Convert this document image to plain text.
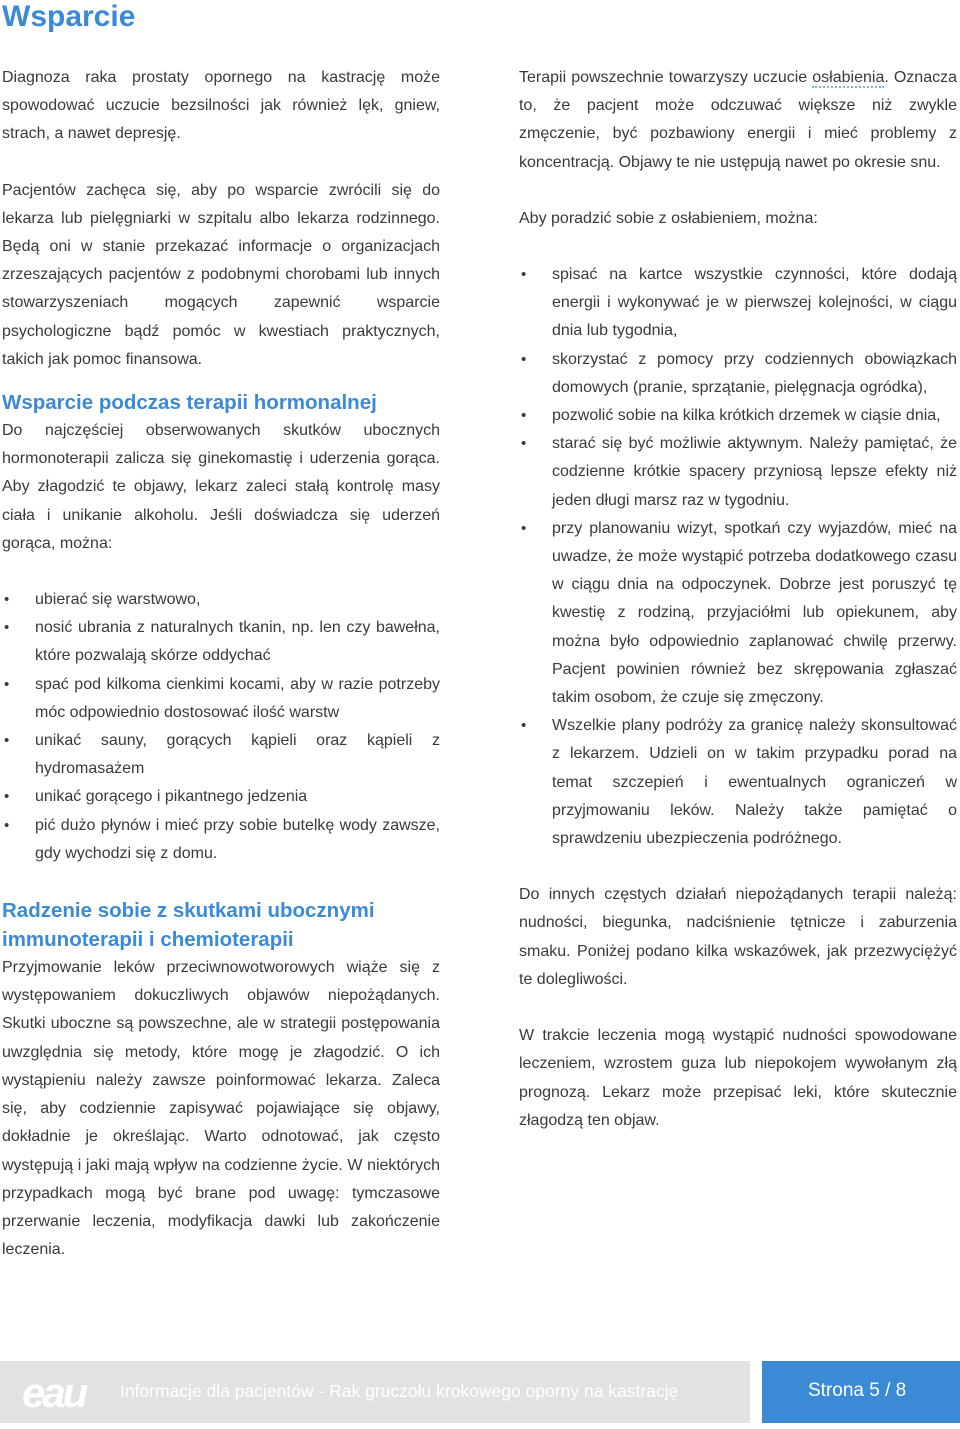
Wsparcie

Diagnoza raka prostaty opornego na kastrację może spowodować uczucie bezsilności jak również lęk, gniew, strach, a nawet depresję.

Pacjentów zachęca się, aby po wsparcie zwrócili się do lekarza lub pielęgniarki w szpitalu albo lekarza rodzinnego. Będą oni w stanie przekazać informacje o organizacjach zrzeszających pacjentów z podobnymi chorobami lub innych stowarzyszeniach mogących zapewnić wsparcie psychologiczne bądź pomóc w kwestiach praktycznych, takich jak pomoc finansowa.

Wsparcie podczas terapii hormonalnej

Do najczęściej obserwowanych skutków ubocznych hormonoterapii zalicza się ginekomastię i uderzenia gorąca. Aby złagodzić te objawy, lekarz zaleci stałą kontrolę masy ciała i unikanie alkoholu. Jeśli doświadcza się uderzeń gorąca, można:

• ubierać się warstwowo,
• nosić ubrania z naturalnych tkanin, np. len czy bawełna, które pozwalają skórze oddychać
• spać pod kilkoma cienkimi kocami, aby w razie potrzeby móc odpowiednio dostosować ilość warstw
• unikać sauny, gorących kąpieli oraz kąpieli z hydromasażem
• unikać gorącego i pikantnego jedzenia
• pić dużo płynów i mieć przy sobie butelkę wody zawsze, gdy wychodzi się z domu.
Radzenie sobie z skutkami ubocznymi
immunoterapii i chemioterapii

Przyjmowanie leków przeciwnowotworowych wiąże się z występowaniem dokuczliwych objawów niepożądanych. Skutki uboczne są powszechne, ale w strategii postępowania uwzględnia się metody, które mogę je złagodzić. O ich wystąpieniu należy zawsze poinformować lekarza. Zaleca się, aby codziennie zapisywać pojawiające się objawy, dokładnie je określając. Warto odnotować, jak często występują i jaki mają wpływ na codzienne życie. W niektórych przypadkach mogą być brane pod uwagę: tymczasowe przerwanie leczenia, modyfikacja dawki lub zakończenie leczenia.

Terapii powszechnie towarzyszy uczucie osłabienia. Oznacza to, że pacjent może odczuwać większe niż zwykle zmęczenie, być pozbawiony energii i mieć problemy z koncentracją. Objawy te nie ustępują nawet po okresie snu.

Aby poradzić sobie z osłabieniem, można:

• spisać na kartce wszystkie czynności, które dodają energii i wykonywać je w pierwszej kolejności, w ciągu dnia lub tygodnia,
• skorzystać z pomocy przy codziennych obowiązkach domowych (pranie, sprzątanie, pielęgnacja ogródka),
• pozwolić sobie na kilka krótkich drzemek w ciąsie dnia,
• starać się być możliwie aktywnym. Należy pamiętać, że codzienne krótkie spacery przyniosą lepsze efekty niż jeden długi marsz raz w tygodniu.
• przy planowaniu wizyt, spotkań czy wyjazdów, mieć na uwadze, że może wystąpić potrzeba dodatkowego czasu w ciągu dnia na odpoczynek. Dobrze jest poruszyć tę kwestię z rodziną, przyjaciółmi lub opiekunem, aby można było odpowiednio zaplanować chwilę przerwy. Pacjent powinien również bez skrępowania zgłaszać takim osobom, że czuje się zmęczony.
• Wszelkie plany podróży za granicę należy skonsultować z lekarzem. Udzieli on w takim przypadku porad na temat szczepień i ewentualnych ograniczeń w przyjmowaniu leków. Należy także pamiętać o sprawdzeniu ubezpieczenia podróżnego.

Do innych częstych działań niepożądanych terapii należą: nudności, biegunka, nadciśnienie tętnicze i zaburzenia smaku. Poniżej podano kilka wskazówek, jak przezwyciężyć te dolegliwości.

W trakcie leczenia mogą wystąpić nudności spowodowane leczeniem, wzrostem guza lub niepokojem wywołanym złą prognozą. Lekarz może przepisać leki, które skutecznie złagodzą ten objaw.

eau Informacje dla pacjentów - Rak gruczołu krokowego oporny na kastrację	Strona 5 / 8
